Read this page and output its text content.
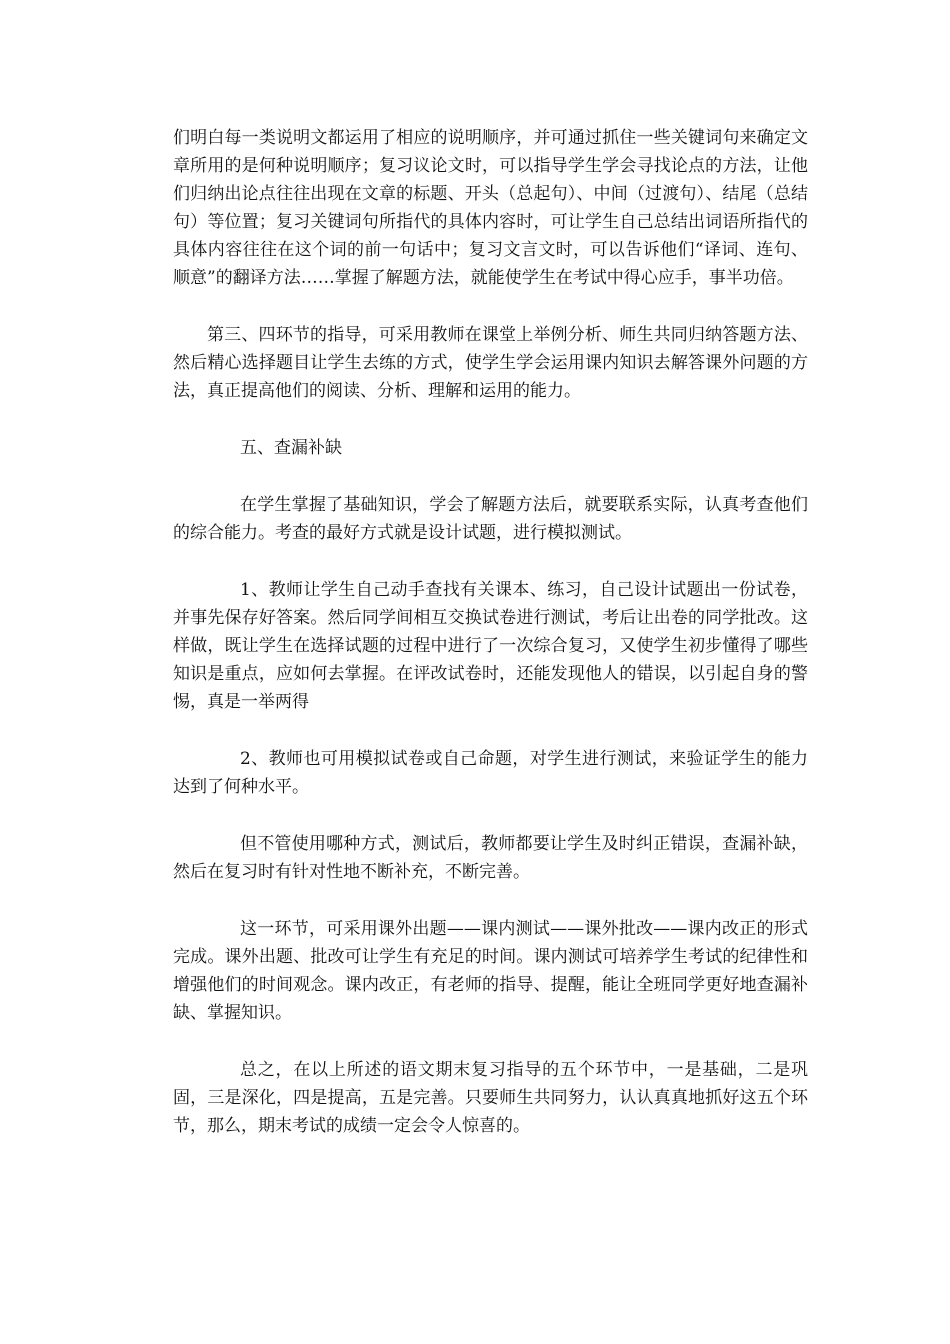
们明白每一类说明文都运用了相应的说明顺序，并可通过抓住一些关键词句来确定文章所用的是何种说明顺序；复习议论文时，可以指导学生学会寻找论点的方法，让他们归纳出论点往往出现在文章的标题、开头（总起句）、中间（过渡句）、结尾（总结句）等位置；复习关键词句所指代的具体内容时，可让学生自己总结出词语所指代的具体内容往往在这个词的前一句话中；复习文言文时，可以告诉他们“译词、连句、顺意”的翻译方法……掌握了解题方法，就能使学生在考试中得心应手，事半功倍。

第三、四环节的指导，可采用教师在课堂上举例分析、师生共同归纳答题方法、然后精心选择题目让学生去练的方式，使学生学会运用课内知识去解答课外问题的方法，真正提高他们的阅读、分析、理解和运用的能力。

五、查漏补缺

在学生掌握了基础知识，学会了解题方法后，就要联系实际，认真考查他们的综合能力。考查的最好方式就是设计试题，进行模拟测试。

1、教师让学生自己动手查找有关课本、练习，自己设计试题出一份试卷，并事先保存好答案。然后同学间相互交换试卷进行测试，考后让出卷的同学批改。这样做，既让学生在选择试题的过程中进行了一次综合复习，又使学生初步懂得了哪些知识是重点，应如何去掌握。在评改试卷时，还能发现他人的错误，以引起自身的警惕，真是一举两得

2、教师也可用模拟试卷或自己命题，对学生进行测试，来验证学生的能力达到了何种水平。

但不管使用哪种方式，测试后，教师都要让学生及时纠正错误，查漏补缺，然后在复习时有针对性地不断补充，不断完善。

这一环节，可采用课外出题——课内测试——课外批改——课内改正的形式完成。课外出题、批改可让学生有充足的时间。课内测试可培养学生考试的纪律性和增强他们的时间观念。课内改正，有老师的指导、提醒，能让全班同学更好地查漏补缺、掌握知识。

总之，在以上所述的语文期末复习指导的五个环节中，一是基础，二是巩固，三是深化，四是提高，五是完善。只要师生共同努力，认认真真地抓好这五个环节，那么，期末考试的成绩一定会令人惊喜的。
